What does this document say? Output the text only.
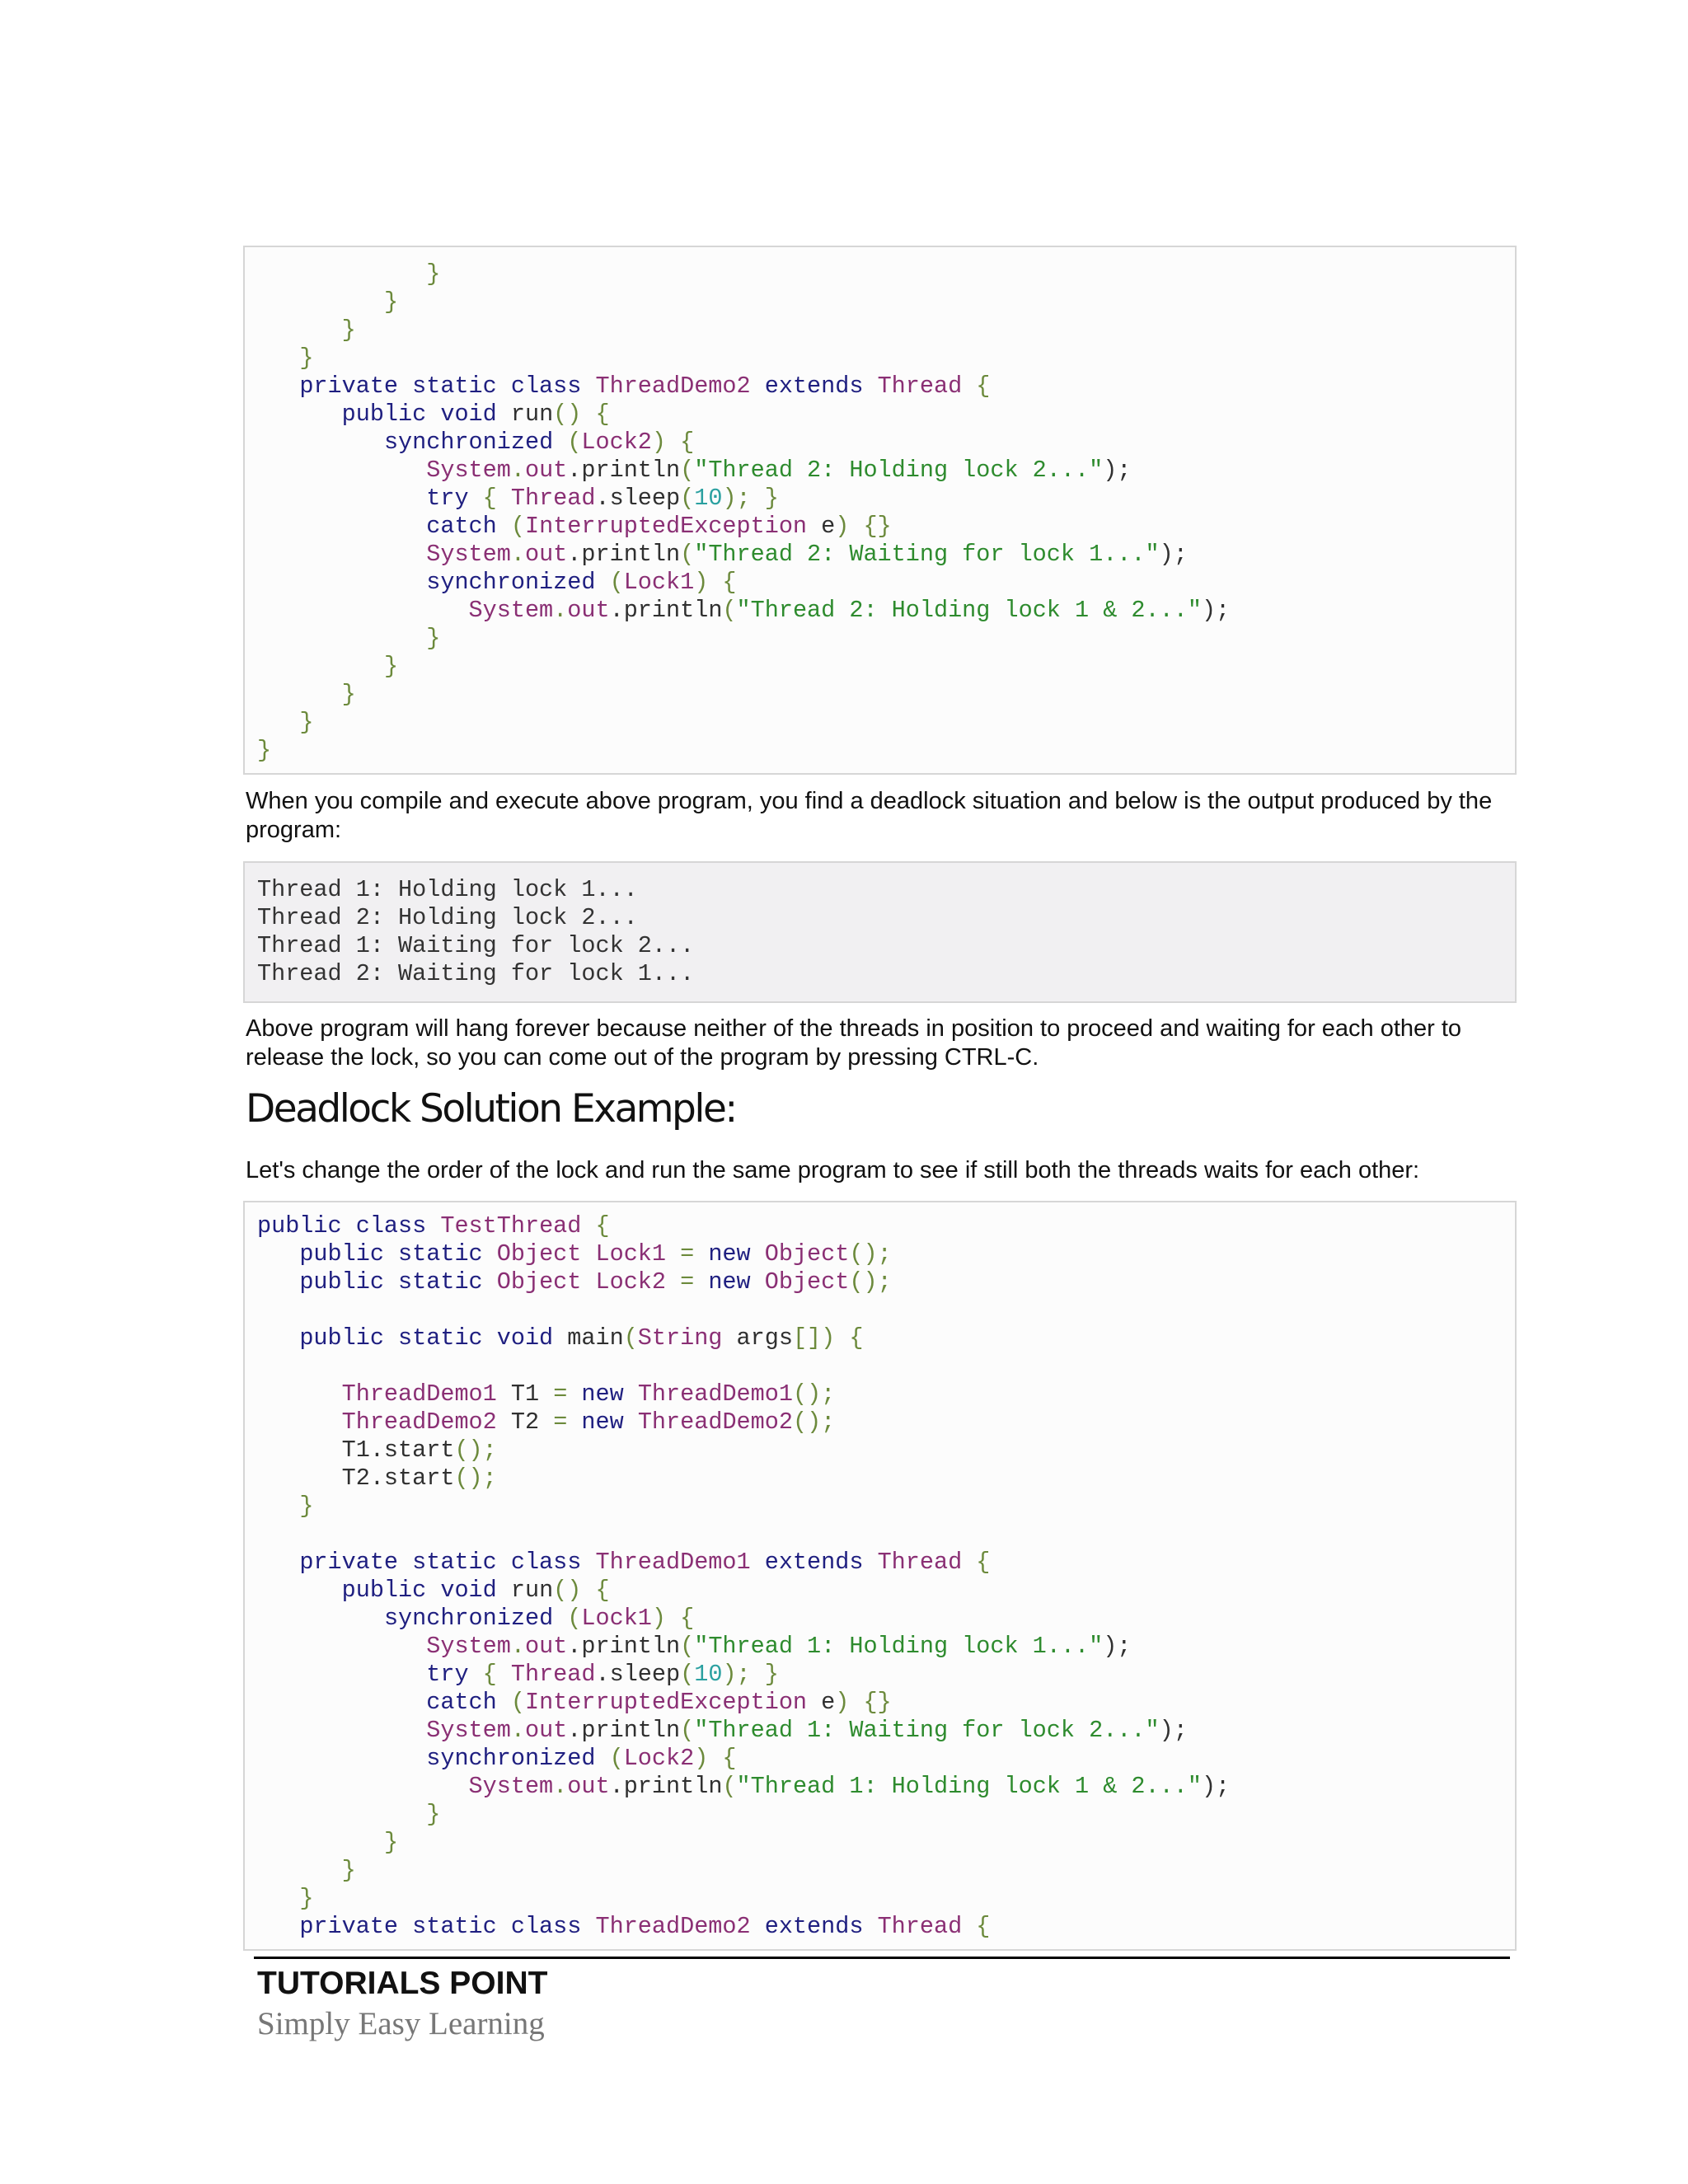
}
}
}
}
private static class ThreadDemo2 extends Thread {
public void run() {
synchronized (Lock2) {
System.out.println("Thread 2: Holding lock 2...");
try { Thread.sleep(10); }
catch (InterruptedException e) {}
System.out.println("Thread 2: Waiting for lock 1...");
synchronized (Lock1) {
System.out.println("Thread 2: Holding lock 1 & 2...");
}
}
}
}
}

When you compile and execute above program, you find a deadlock situation and below is the output produced by the program:

Thread 1: Holding lock 1...
Thread 2: Holding lock 2...
Thread 1: Waiting for lock 2...
Thread 2: Waiting for lock 1...

Above program will hang forever because neither of the threads in position to proceed and waiting for each other to release the lock, so you can come out of the program by pressing CTRL-C.

Deadlock Solution Example:

Let's change the order of the lock and run the same program to see if still both the threads waits for each other:

public class TestThread {
public static Object Lock1 = new Object();
public static Object Lock2 = new Object();
public static void main(String args[]) {
ThreadDemo1 T1 = new ThreadDemo1();
ThreadDemo2 T2 = new ThreadDemo2();
T1.start();
T2.start();
}
private static class ThreadDemo1 extends Thread {
public void run() {
synchronized (Lock1) {
System.out.println("Thread 1: Holding lock 1...");
try { Thread.sleep(10); }
catch (InterruptedException e) {}
System.out.println("Thread 1: Waiting for lock 2...");
synchronized (Lock2) {
System.out.println("Thread 1: Holding lock 1 & 2...");
}
}
}
}
private static class ThreadDemo2 extends Thread {
TUTORIALS POINT
Simply Easy Learning
